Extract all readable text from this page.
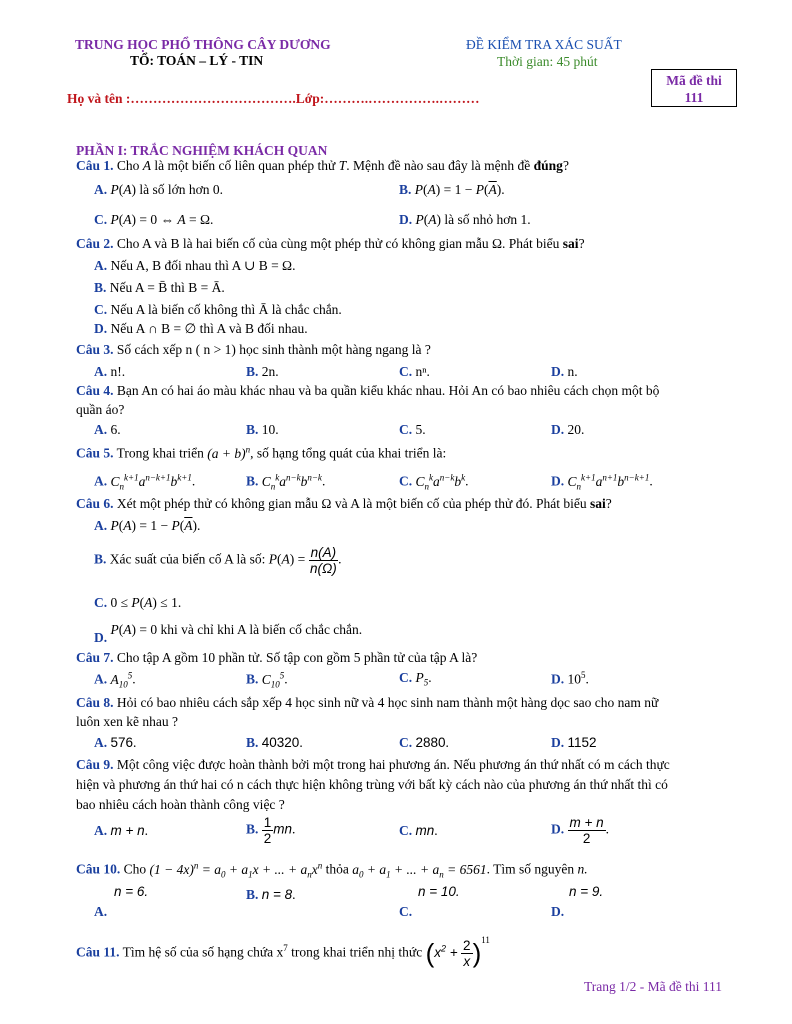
TRUNG HỌC PHỔ THÔNG CÂY DƯƠNG
TỔ: TOÁN – LÝ - TIN
ĐỀ KIỂM TRA XÁC SUẤT
Thời gian: 45 phút
Mã đề thi
111
Họ và tên :……………………………….Lớp:……….…………….………
PHẦN I: TRẮC NGHIỆM KHÁCH QUAN
Câu 1. Cho A là một biến cố liên quan phép thử T. Mệnh đề nào sau đây là mệnh đề đúng?
A. P(A) là số lớn hơn 0.	B. $P(A) = 1 - P(\overline{A})$.
C. P(A) = 0 ⇔ A = Ω.	D. P(A) là số nhỏ hơn 1.
Câu 2. Cho A và B là hai biến cố của cùng một phép thử có không gian mẫu Ω. Phát biểu sai?
A. Nếu A, B đối nhau thì A ∪ B = Ω.
B. Nếu A = B̄ thì B = Ā.
C. Nếu A là biến cố không thì Ā là chắc chắn.
D. Nếu A ∩ B = ∅ thì A và B đối nhau.
Câu 3. Số cách xếp n ( n > 1) học sinh thành một hàng ngang là ?
A. n!.	B. 2n.	C. nⁿ.	D. n.
Câu 4. Bạn An có hai áo màu khác nhau và ba quần kiểu khác nhau. Hỏi An có bao nhiêu cách chọn một bộ
quần áo?
A. 6.	B. 10.	C. 5.	D. 20.
Câu 5. Trong khai triển $(a + b)^n$, số hạng tổng quát của khai triển là:
A. $C_n^{k+1}a^{n-k+1}b^{k+1}$.	B. $C_n^ka^{n-k}b^{n-k}$.	C. $C_n^ka^{n-k}b^k$.	D. $C_n^{k+1}a^{n+1}b^{n-k+1}$.
Câu 6. Xét một phép thử có không gian mẫu Ω và A là một biến cố của phép thử đó. Phát biểu sai?
A. $P(A) = 1 - P(\overline{A})$.
B. Xác suất của biến cố A là số: $P(A) = \frac{n(A)}{n(\Omega)}$ .
C. 0 ≤ P(A) ≤ 1.
D. P(A) = 0 khi và chỉ khi A là biến cố chắc chắn.
Câu 7. Cho tập A gồm 10 phần tử. Số tập con gồm 5 phần tử của tập A là?
A. $A_{10}^5$.	B. $C_{10}^5$.	C. $P_5$.	D. $10^5$.
Câu 8. Hỏi có bao nhiêu cách sắp xếp 4 học sinh nữ và 4 học sinh nam thành một hàng dọc sao cho nam nữ
luôn xen kẽ nhau ?
A. 576.	B. 40320.	C. 2880.	D. 1152
Câu 9. Một công việc được hoàn thành bởi một trong hai phương án. Nếu phương án thứ nhất có m cách thực
hiện và phương án thứ hai có n cách thực hiện không trùng với bất kỳ cách nào của phương án thứ nhất thì có
bao nhiêu cách hoàn thành công việc ?
A. m + n.	B. $\frac{1}{2}$ mn.	C. mn.	D. $\frac{m + n}{2}$ .
Câu 10. Cho $(1 - 4x)^n = a_0 + a_1x$ + ... + $a_nx^n$ thỏa $a_0 + a_1$ + ... + $a_n = 6561$. Tìm số nguyên n.
n = 6.
A.
B. n = 8.	n = 10.
C.
n = 9.
D.
Câu 11. Tìm hệ số của số hạng chứa $x^7$ trong khai triển nhị thức $(x^2 + \frac{2}{x} )^{11}$
Trang 1/2 - Mã đề thi 111
